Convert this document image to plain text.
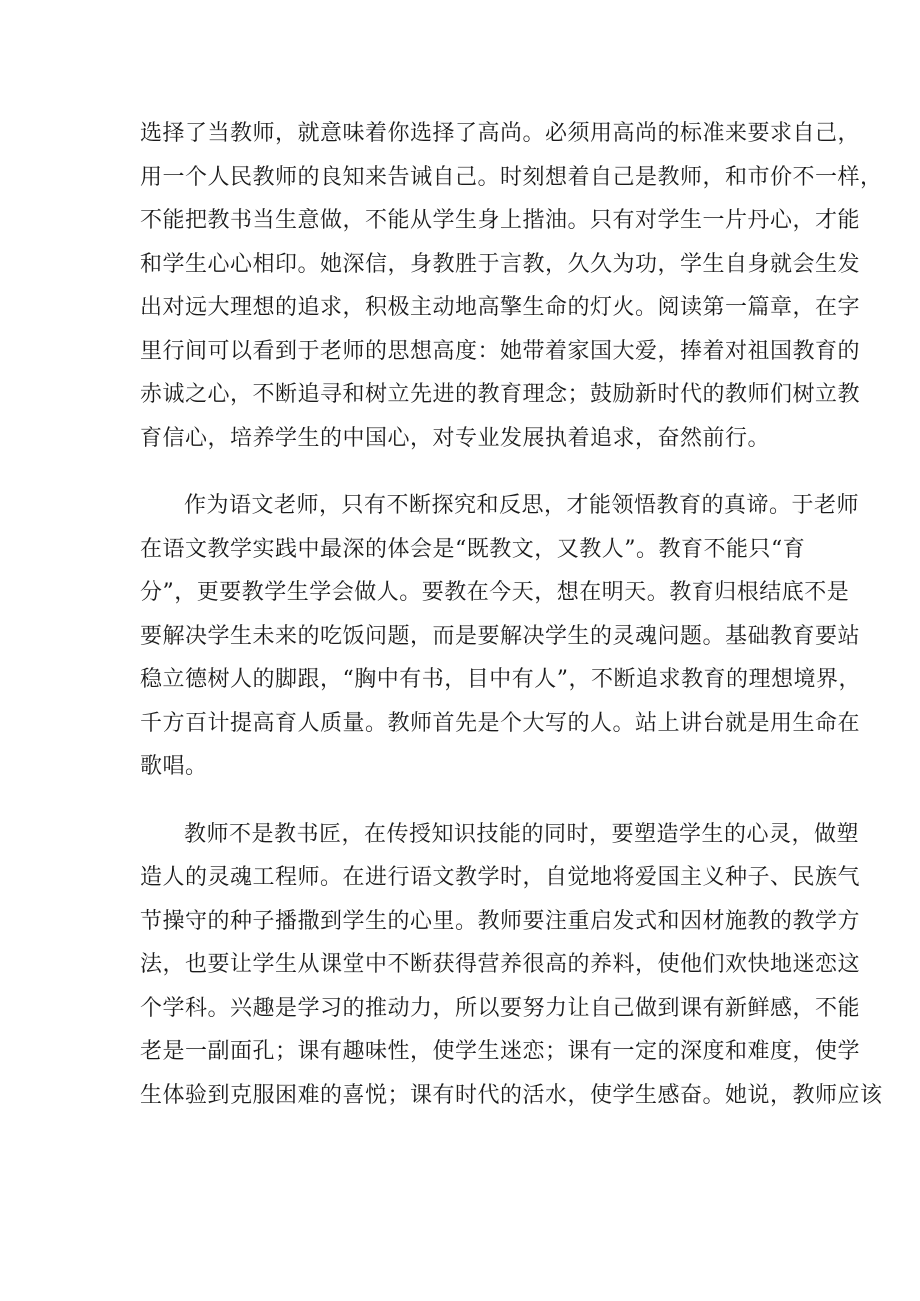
选择了当教师，就意味着你选择了高尚。必须用高尚的标准来要求自己，
用一个人民教师的良知来告诫自己。时刻想着自己是教师，和市价不一样，
不能把教书当生意做，不能从学生身上揩油。只有对学生一片丹心，才能
和学生心心相印。她深信，身教胜于言教，久久为功，学生自身就会生发
出对远大理想的追求，积极主动地高擎生命的灯火。阅读第一篇章，在字
里行间可以看到于老师的思想高度：她带着家国大爱，捧着对祖国教育的
赤诚之心，不断追寻和树立先进的教育理念；鼓励新时代的教师们树立教
育信心，培养学生的中国心，对专业发展执着追求，奋然前行。
作为语文老师，只有不断探究和反思，才能领悟教育的真谛。于老师
在语文教学实践中最深的体会是“既教文，又教人”。教育不能只“育
分”，更要教学生学会做人。要教在今天，想在明天。教育归根结底不是
要解决学生未来的吃饭问题，而是要解决学生的灵魂问题。基础教育要站
稳立德树人的脚跟，“胸中有书，目中有人”，不断追求教育的理想境界，
千方百计提高育人质量。教师首先是个大写的人。站上讲台就是用生命在
歌唱。
教师不是教书匠，在传授知识技能的同时，要塑造学生的心灵，做塑
造人的灵魂工程师。在进行语文教学时，自觉地将爱国主义种子、民族气
节操守的种子播撒到学生的心里。教师要注重启发式和因材施教的教学方
法，也要让学生从课堂中不断获得营养很高的养料，使他们欢快地迷恋这
个学科。兴趣是学习的推动力，所以要努力让自己做到课有新鲜感，不能
老是一副面孔；课有趣味性，使学生迷恋；课有一定的深度和难度，使学
生体验到克服困难的喜悦；课有时代的活水，使学生感奋。她说，教师应该
